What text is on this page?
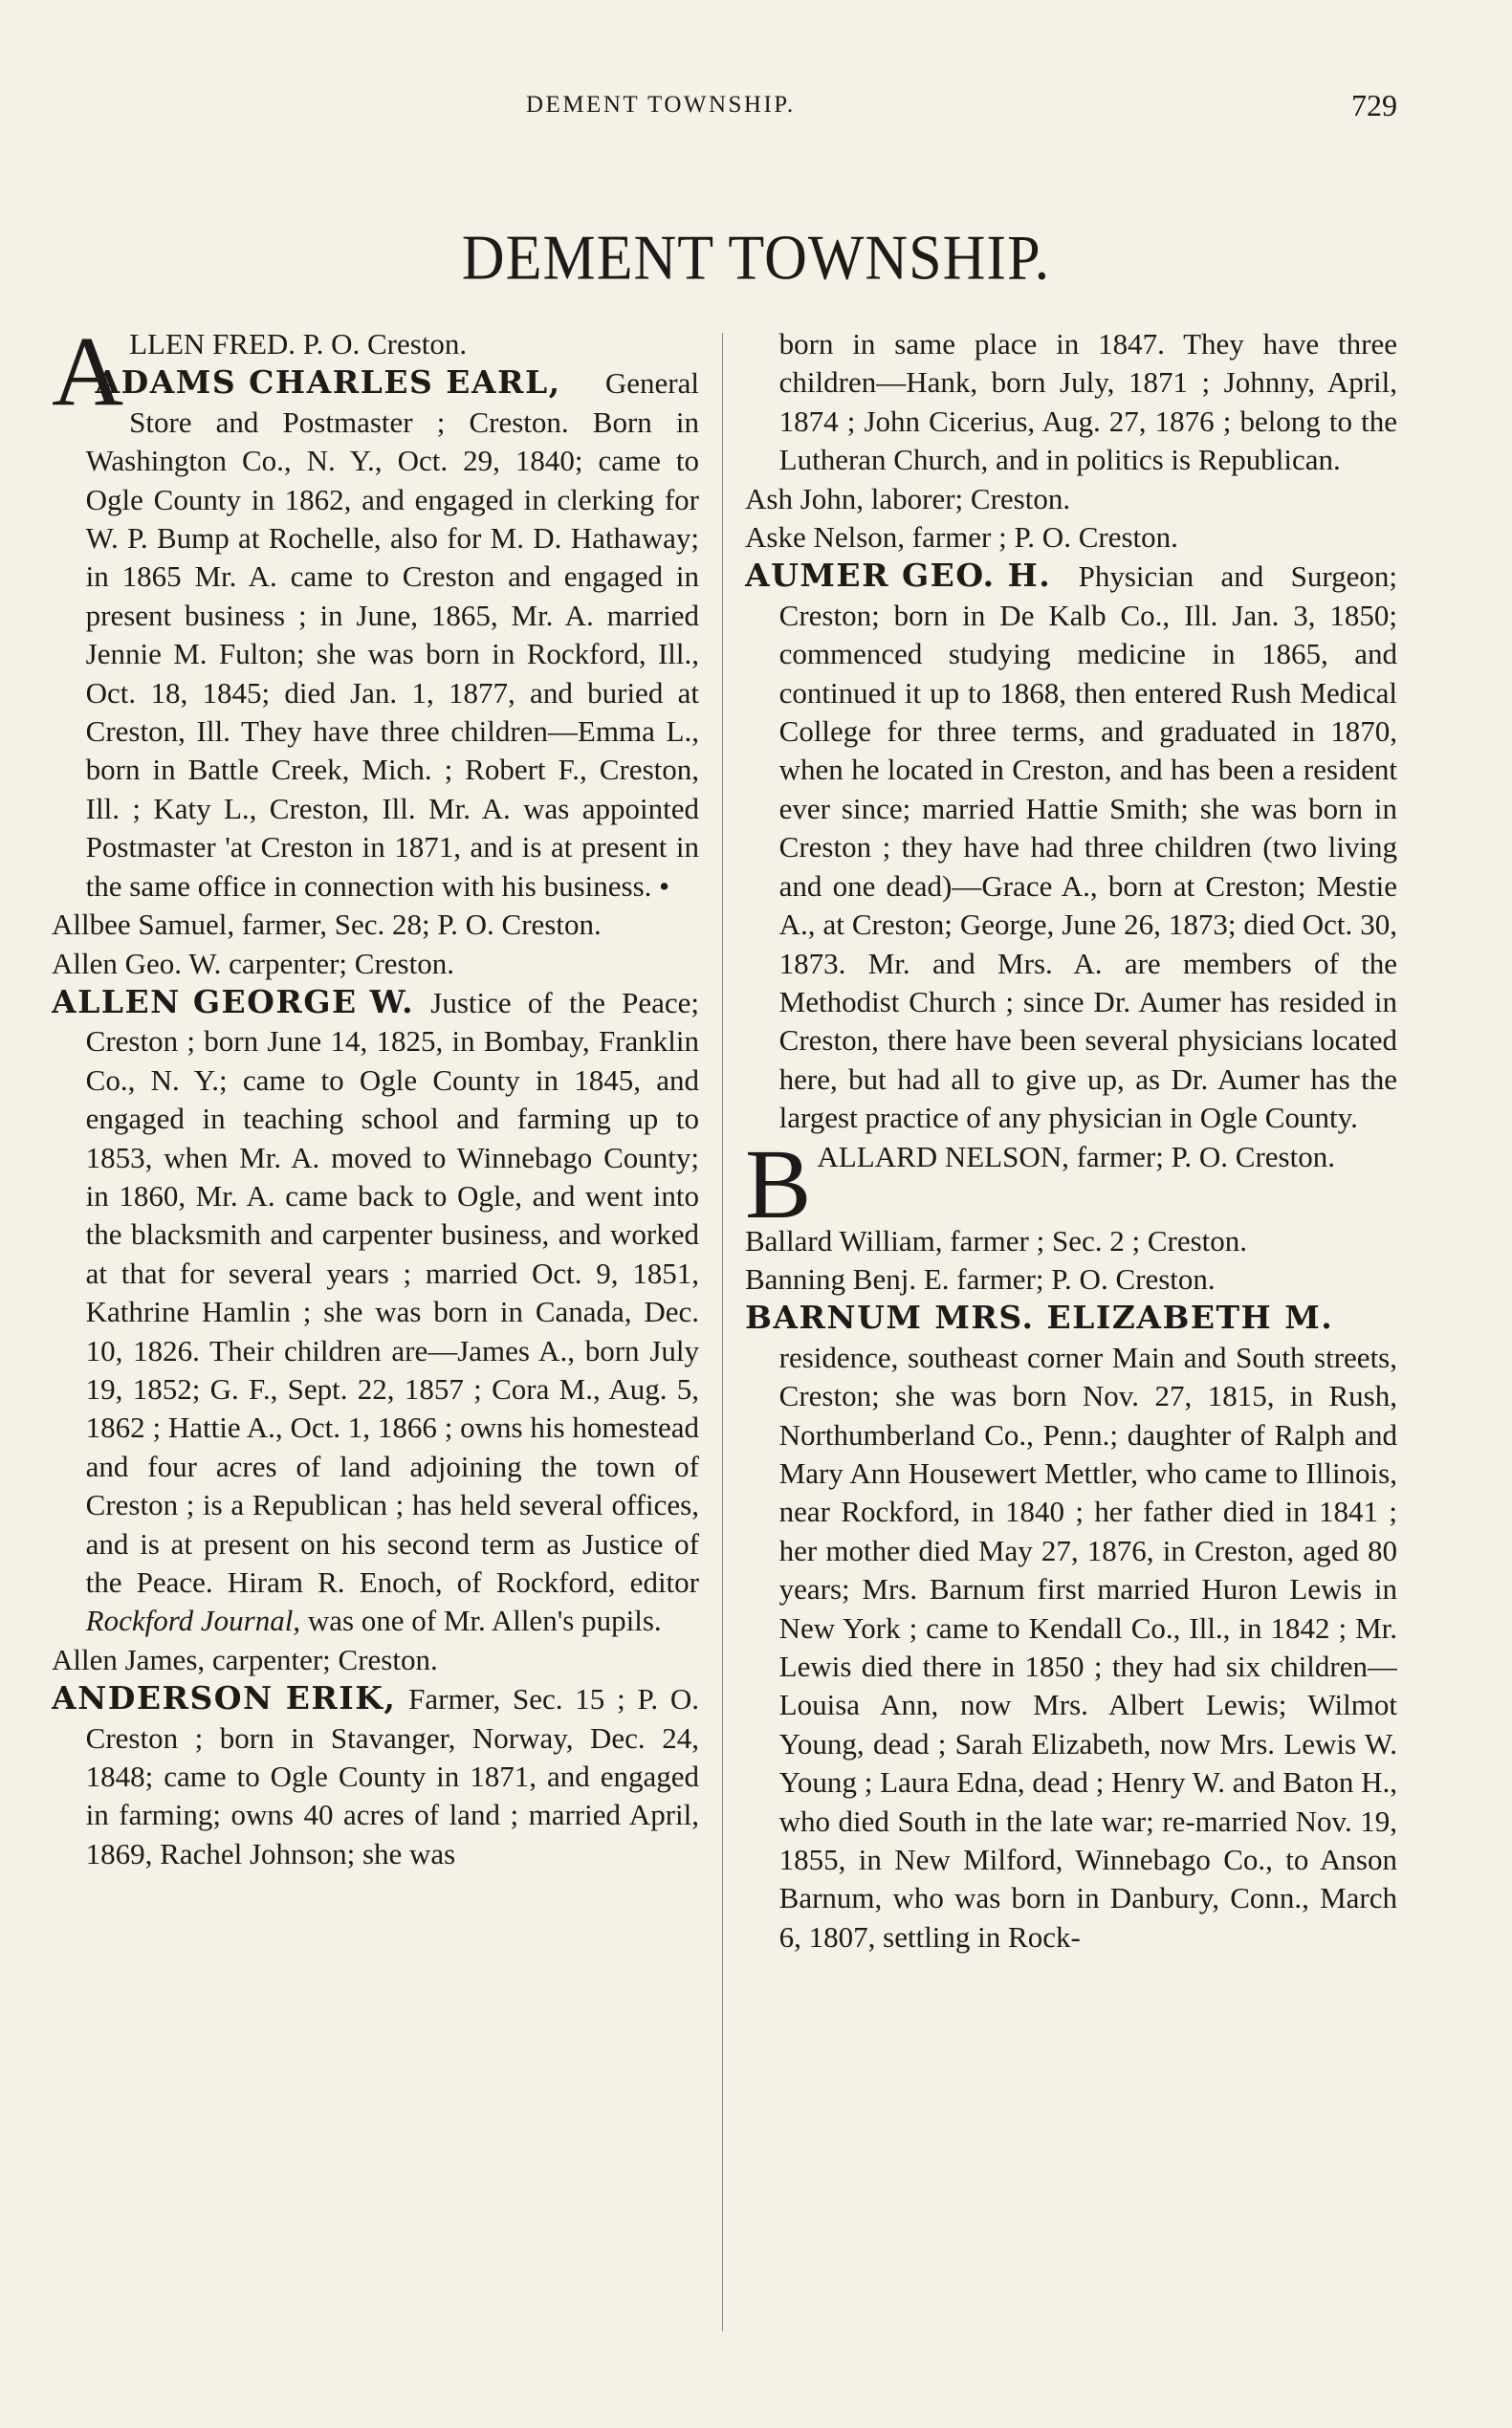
DEMENT TOWNSHIP.	729
DEMENT TOWNSHIP.
A LLEN FRED. P. O. Creston.

ADAMS CHARLES EARL, General Store and Postmaster ; Creston. Born in Washington Co., N. Y., Oct. 29, 1840; came to Ogle County in 1862, and engaged in clerking for W. P. Bump at Rochelle, also for M. D. Hathaway; in 1865 Mr. A. came to Creston and engaged in present business ; in June, 1865, Mr. A. married Jennie M. Fulton; she was born in Rockford, Ill., Oct. 18, 1845; died Jan. 1, 1877, and buried at Creston, Ill. They have three children—Emma L., born in Battle Creek, Mich. ; Robert F., Creston, Ill. ; Katy L., Creston, Ill. Mr. A. was appointed Postmaster 'at Creston in 1871, and is at present in the same office in connection with his business. •

Allbee Samuel, farmer, Sec. 28; P. O. Creston.

Allen Geo. W. carpenter; Creston.

ALLEN GEORGE W. Justice of the Peace; Creston ; born June 14, 1825, in Bombay, Franklin Co., N. Y.; came to Ogle County in 1845, and engaged in teaching school and farming up to 1853, when Mr. A. moved to Winnebago County; in 1860, Mr. A. came back to Ogle, and went into the blacksmith and carpenter business, and worked at that for several years ; married Oct. 9, 1851, Kathrine Hamlin ; she was born in Canada, Dec. 10, 1826. Their children are—James A., born July 19, 1852; G. F., Sept. 22, 1857 ; Cora M., Aug. 5, 1862 ; Hattie A., Oct. 1, 1866 ; owns his homestead and four acres of land adjoining the town of Creston ; is a Republican ; has held several offices, and is at present on his second term as Justice of the Peace. Hiram R. Enoch, of Rockford, editor Rockford Journal, was one of Mr. Allen's pupils.

Allen James, carpenter; Creston.

ANDERSON ERIK, Farmer, Sec. 15 ; P. O. Creston ; born in Stavanger, Norway, Dec. 24, 1848; came to Ogle County in 1871, and engaged in farming; owns 40 acres of land ; married April, 1869, Rachel Johnson; she was

born in same place in 1847. They have three children—Hank, born July, 1871 ; Johnny, April, 1874 ; John Cicerius, Aug. 27, 1876 ; belong to the Lutheran Church, and in politics is Republican.

Ash John, laborer; Creston.

Aske Nelson, farmer ; P. O. Creston.

AUMER GEO. H. Physician and Surgeon; Creston; born in De Kalb Co., Ill. Jan. 3, 1850; commenced studying medicine in 1865, and continued it up to 1868, then entered Rush Medical College for three terms, and graduated in 1870, when he located in Creston, and has been a resident ever since; married Hattie Smith; she was born in Creston ; they have had three children (two living and one dead)—Grace A., born at Creston; Mestie A., at Creston; George, June 26, 1873; died Oct. 30, 1873. Mr. and Mrs. A. are members of the Methodist Church ; since Dr. Aumer has resided in Creston, there have been several physicians located here, but had all to give up, as Dr. Aumer has the largest practice of any physician in Ogle County.

B ALLARD NELSON, farmer; P. O. Creston.

Ballard William, farmer ; Sec. 2 ; Creston.

Banning Benj. E. farmer; P. O. Creston.

BARNUM MRS. ELIZABETH M. residence, southeast corner Main and South streets, Creston; she was born Nov. 27, 1815, in Rush, Northumberland Co., Penn.; daughter of Ralph and Mary Ann Housewert Mettler, who came to Illinois, near Rockford, in 1840 ; her father died in 1841 ; her mother died May 27, 1876, in Creston, aged 80 years; Mrs. Barnum first married Huron Lewis in New York ; came to Kendall Co., Ill., in 1842 ; Mr. Lewis died there in 1850 ; they had six children—Louisa Ann, now Mrs. Albert Lewis; Wilmot Young, dead ; Sarah Elizabeth, now Mrs. Lewis W. Young ; Laura Edna, dead ; Henry W. and Baton H., who died South in the late war; re-married Nov. 19, 1855, in New Milford, Winnebago Co., to Anson Barnum, who was born in Danbury, Conn., March 6, 1807, settling in Rock-
